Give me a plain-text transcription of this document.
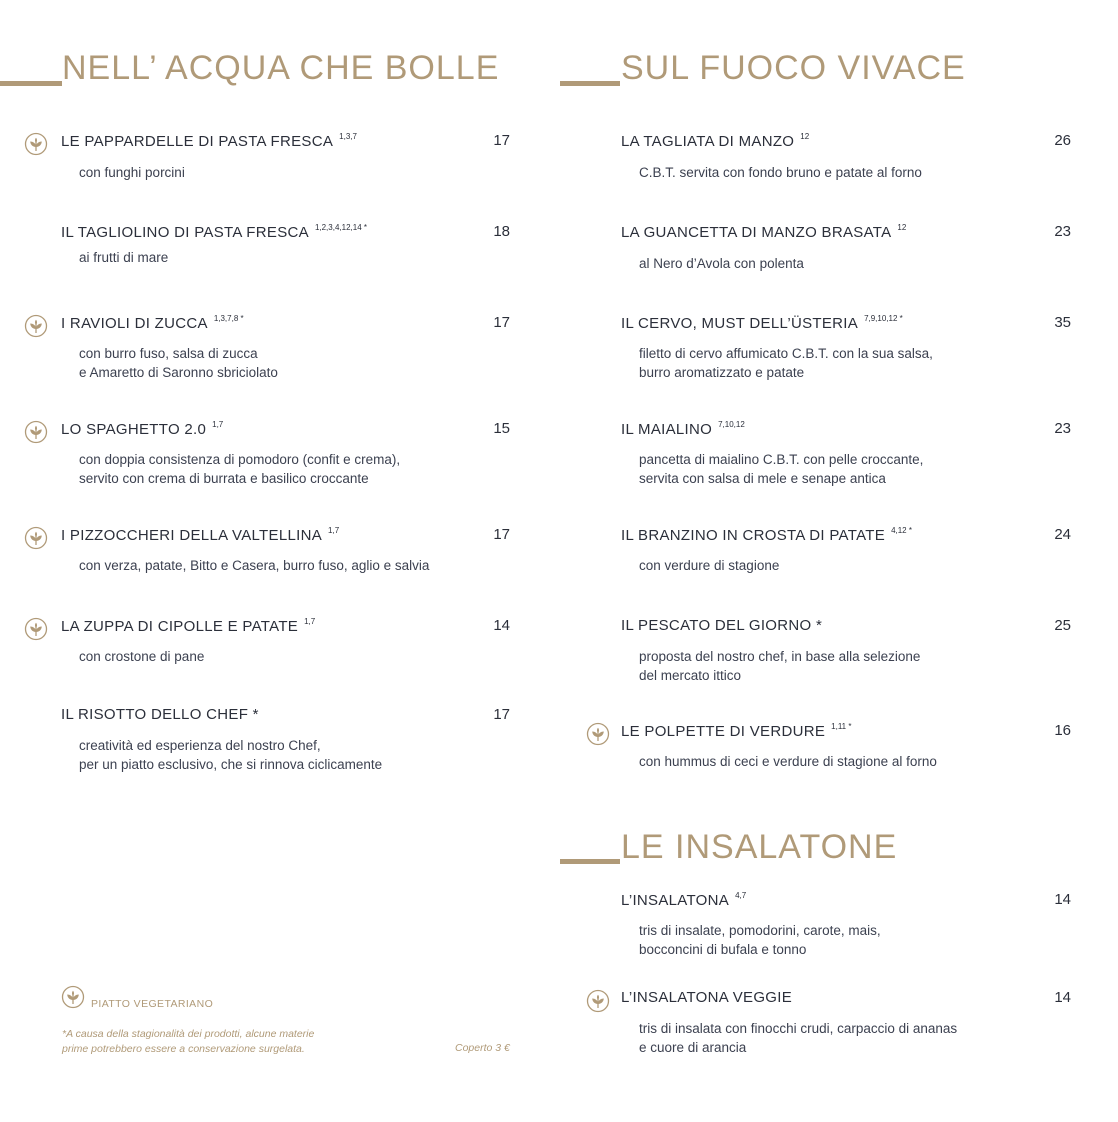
NELL’ ACQUA CHE BOLLE	SUL FUOCO VIVACE
LE INSALATONE
LE PAPPARDELLE DI PASTA FRESCA $^{1,3,7}$	17
con funghi porcini
IL TAGLIOLINO DI PASTA FRESCA $^{1,2,3,4,12,14 *}$	18
ai frutti di mare
I RAVIOLI DI ZUCCA $^{1,3,7,8 *}$	17
con burro fuso, salsa di zucca
e Amaretto di Saronno sbriciolato
LO SPAGHETTO 2.0 $^{1,7}$	15
con doppia consistenza di pomodoro (confit e crema),
servito con crema di burrata e basilico croccante
I PIZZOCCHERI DELLA VALTELLINA $^{1,7}$	17
con verza, patate, Bitto e Casera, burro fuso, aglio e salvia
LA ZUPPA DI CIPOLLE E PATATE $^{1,7}$	14
con crostone di pane
IL RISOTTO DELLO CHEF *	17
creatività ed esperienza del nostro Chef,
per un piatto esclusivo, che si rinnova ciclicamente
LA TAGLIATA DI MANZO $^{12}$	26
C.B.T. servita con fondo bruno e patate al forno
LA GUANCETTA DI MANZO BRASATA $^{12}$	23
al Nero d’Avola con polenta
IL CERVO, MUST DELL’ÜSTERIA $^{7,9,10,12 *}$	35
filetto di cervo affumicato C.B.T. con la sua salsa,
burro aromatizzato e patate
IL MAIALINO $^{7,10,12}$	23
pancetta di maialino C.B.T. con pelle croccante,
servita con salsa di mele e senape antica
IL BRANZINO IN CROSTA DI PATATE $^{4,12 *}$	24
con verdure di stagione
IL PESCATO DEL GIORNO *	25
proposta del nostro chef, in base alla selezione
del mercato ittico
LE POLPETTE DI VERDURE $^{1,11 *}$	16
con hummus di ceci e verdure di stagione al forno
L’INSALATONA $^{4,7}$	14
tris di insalate, pomodorini, carote, mais,
bocconcini di bufala e tonno
L’INSALATONA VEGGIE	14
tris di insalata con finocchi crudi, carpaccio di ananas
e cuore di arancia
PIATTO VEGETARIANO
*A causa della stagionalità dei prodotti, alcune materie
prime potrebbero essere a conservazione surgelata.	Coperto 3 €
